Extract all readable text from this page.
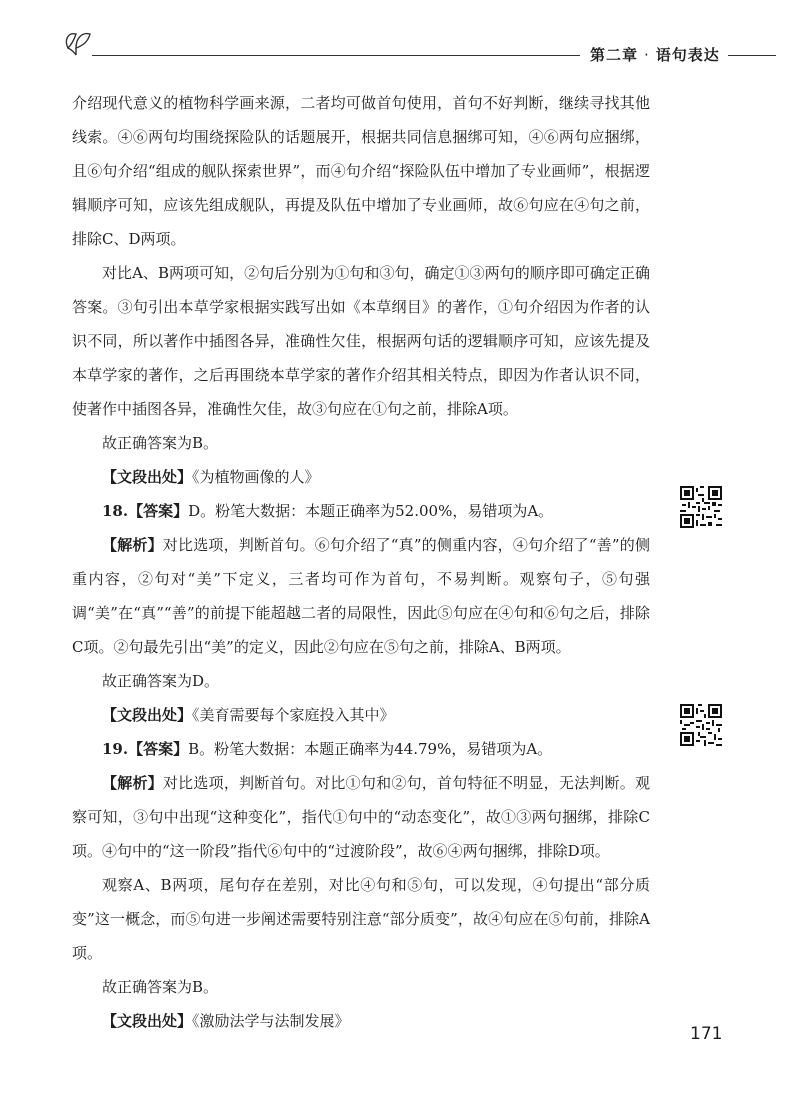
第二章 · 语句表达

介绍现代意义的植物科学画来源，二者均可做首句使用，首句不好判断，继续寻找其他线索。④⑥两句均围绕探险队的话题展开，根据共同信息捆绑可知，④⑥两句应捆绑，且⑥句介绍“组成的舰队探索世界”，而④句介绍“探险队伍中增加了专业画师”，根据逻辑顺序可知，应该先组成舰队，再提及队伍中增加了专业画师，故⑥句应在④句之前，排除C、D两项。

对比A、B两项可知，②句后分别为①句和③句，确定①③两句的顺序即可确定正确答案。③句引出本草学家根据实践写出如《本草纲目》的著作，①句介绍因为作者的认识不同，所以著作中插图各异，准确性欠佳，根据两句话的逻辑顺序可知，应该先提及本草学家的著作，之后再围绕本草学家的著作介绍其相关特点，即因为作者认识不同，使著作中插图各异，准确性欠佳，故③句应在①句之前，排除A项。

故正确答案为B。

【文段出处】《为植物画像的人》

18.【答案】D。粉笔大数据：本题正确率为52.00%，易错项为A。

【解析】对比选项，判断首句。⑥句介绍了“真”的侧重内容，④句介绍了“善”的侧重内容，②句对“美”下定义，三者均可作为首句，不易判断。观察句子，⑤句强调“美”在“真”“善”的前提下能超越二者的局限性，因此⑤句应在④句和⑥句之后，排除C项。②句最先引出“美”的定义，因此②句应在⑤句之前，排除A、B两项。

故正确答案为D。

【文段出处】《美育需要每个家庭投入其中》

19.【答案】B。粉笔大数据：本题正确率为44.79%，易错项为A。

【解析】对比选项，判断首句。对比①句和②句，首句特征不明显，无法判断。观察可知，③句中出现“这种变化”，指代①句中的“动态变化”，故①③两句捆绑，排除C项。④句中的“这一阶段”指代⑥句中的“过渡阶段”，故⑥④两句捆绑，排除D项。

观察A、B两项，尾句存在差别，对比④句和⑤句，可以发现，④句提出“部分质变”这一概念，而⑤句进一步阐述需要特别注意“部分质变”，故④句应在⑤句前，排除A项。

故正确答案为B。

【文段出处】《激励法学与法制发展》

171
